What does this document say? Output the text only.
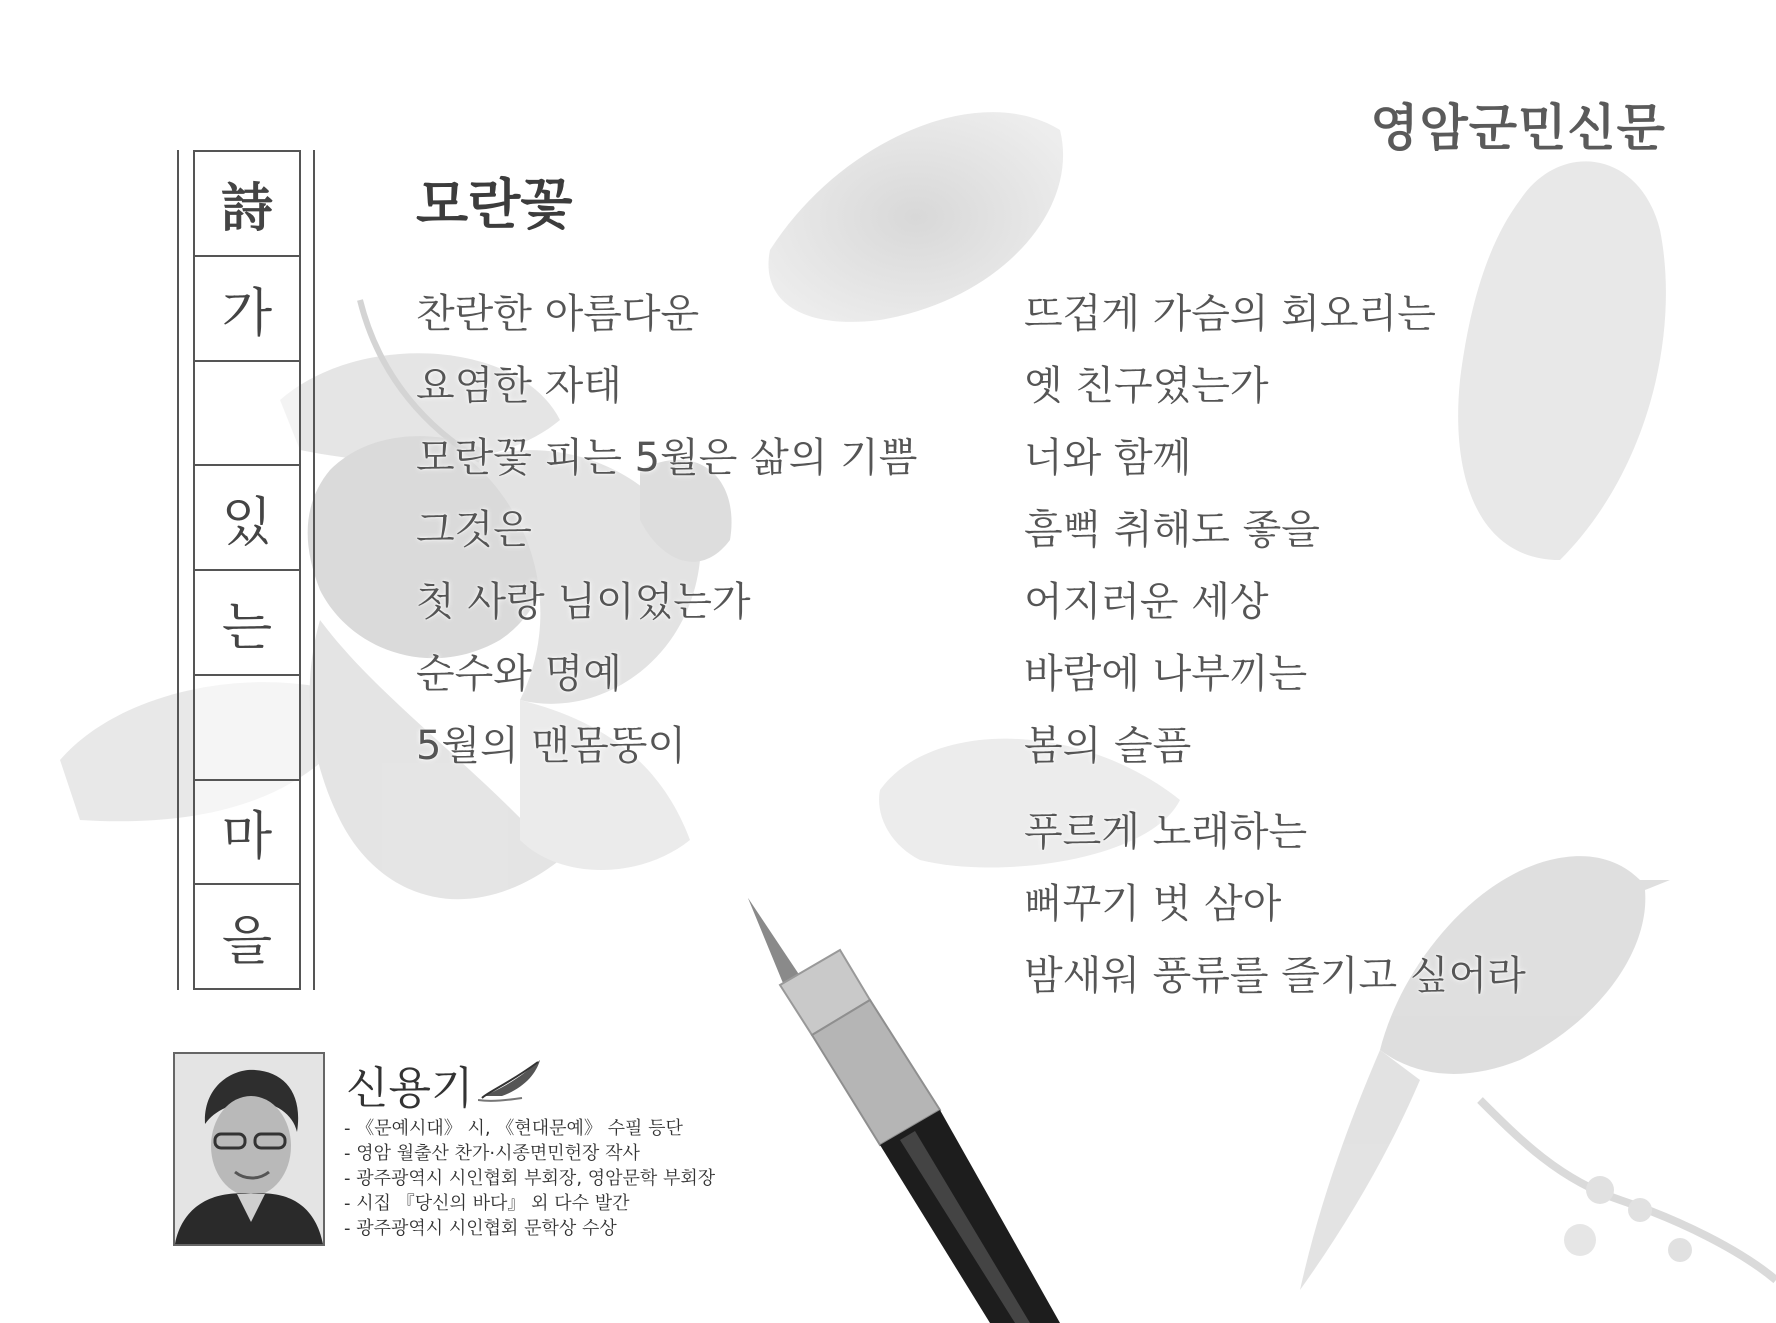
영암군민신문
詩
가
있
는
마
을
모란꽃
찬란한 아름다운
요염한 자태
모란꽃 피는 5월은 삶의 기쁨
그것은
첫 사랑 님이었는가
순수와 명예
5월의 맨몸뚱이
뜨겁게 가슴의 회오리는
옛 친구였는가
너와 함께
흠뻑 취해도 좋을
어지러운 세상
바람에 나부끼는
봄의 슬픔
푸르게 노래하는
뻐꾸기 벗 삼아
밤새워 풍류를 즐기고 싶어라
신용기
- 《문예시대》 시, 《현대문예》 수필 등단
- 영암 월출산 찬가·시종면민헌장 작사
- 광주광역시 시인협회 부회장, 영암문학 부회장
- 시집 『당신의 바다』 외 다수 발간
- 광주광역시 시인협회 문학상 수상
